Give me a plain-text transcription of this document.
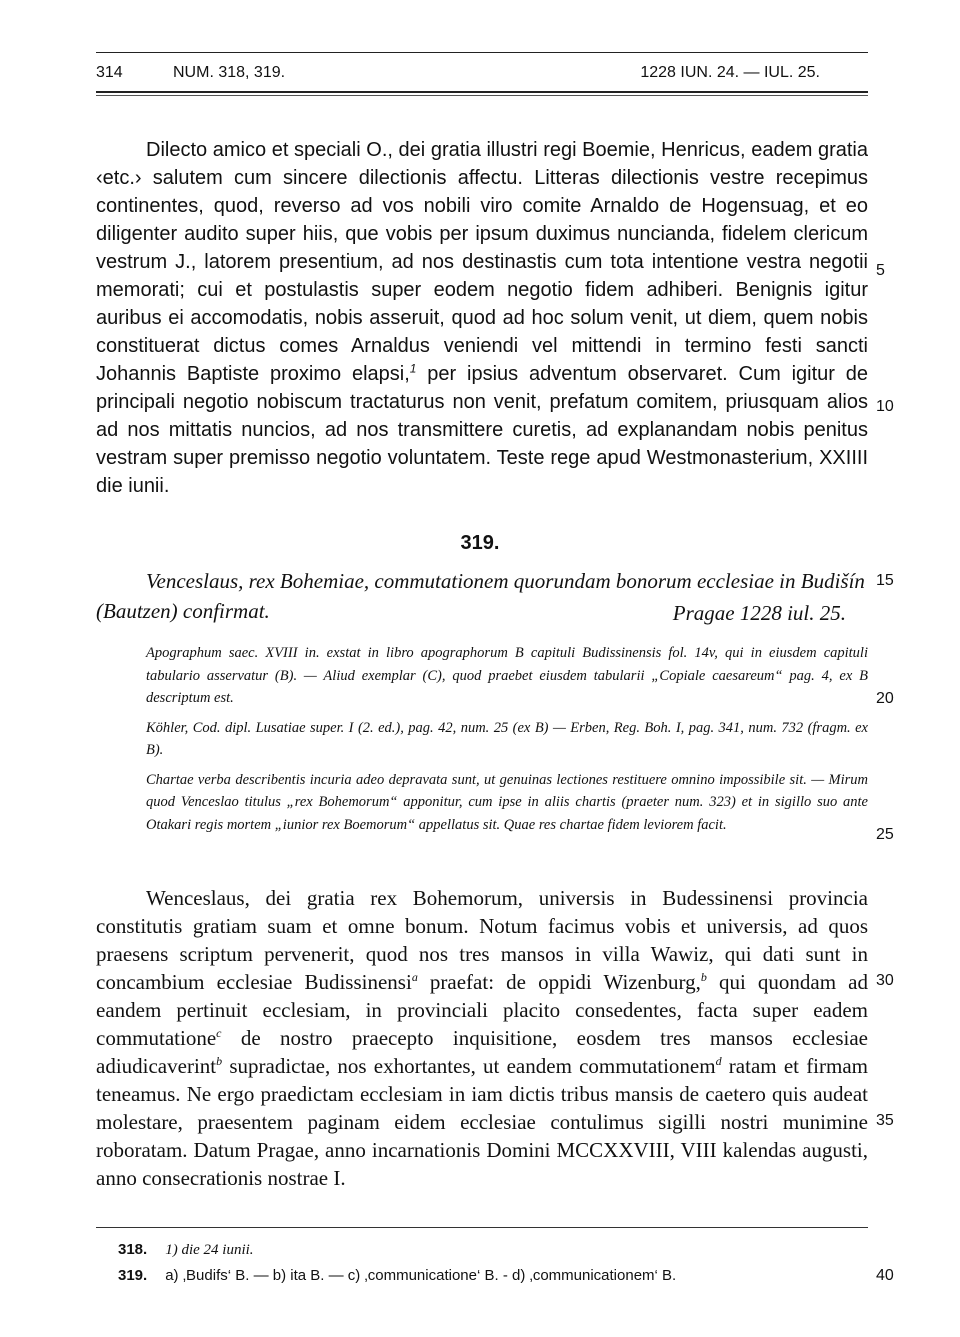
314	NUM. 318, 319.	1228 IUN. 24. — IUL. 25.

Dilecto amico et speciali O., dei gratia illustri regi Boemie, Henricus, eadem gratia ‹etc.› salutem cum sincere dilectionis affectu. Litteras dilectionis vestre recepimus continentes, quod, reverso ad vos nobili viro comite Arnaldo de Hogensuag, et eo diligenter audito super hiis, que vobis per ipsum duximus nuncianda, fidelem clericum vestrum J., latorem presentium, ad nos destinastis cum tota intentione vestra negotii memorati; cui et postulastis super eodem negotio fidem adhiberi. Benignis igitur auribus ei accomodatis, nobis asseruit, quod ad hoc solum venit, ut diem, quem nobis constituerat dictus comes Arnaldus veniendi vel mittendi in termino festi sancti Johannis Baptiste proximo elapsi,$^1$ per ipsius adventum observaret. Cum igitur de principali negotio nobiscum tractaturus non venit, prefatum comitem, priusquam alios ad nos mittatis nuncios, ad nos transmittere curetis, ad explanandam nobis penitus vestram super premisso negotio voluntatem. Teste rege apud Westmonasterium, XXIIII die iunii.

319.

Venceslaus, rex Bohemiae, commutationem quorundam bonorum ecclesiae in Budišín (Bautzen) confirmat.	Pragae 1228 iul. 25.

Apographum saec. XVIII in. exstat in libro apographorum B capituli Budissinensis fol. 14v, qui in eiusdem capituli tabulario asservatur (B). — Aliud exemplar (C), quod praebet eiusdem tabularii „Copiale caesareum“ pag. 4, ex B descriptum est.

Köhler, Cod. dipl. Lusatiae super. I (2. ed.), pag. 42, num. 25 (ex B) — Erben, Reg. Boh. I, pag. 341, num. 732 (fragm. ex B).

Chartae verba describentis incuria adeo depravata sunt, ut genuinas lectiones restituere omnino impossibile sit. — Mirum quod Venceslao titulus „rex Bohemorum“ apponitur, cum ipse in aliis chartis (praeter num. 323) et in sigillo suo ante Otakari regis mortem „iunior rex Boemorum“ appellatus sit. Quae res chartae fidem leviorem facit.

Wenceslaus, dei gratia rex Bohemorum, universis in Budessinensi provincia constitutis gratiam suam et omne bonum. Notum facimus vobis et universis, ad quos praesens scriptum pervenerit, quod nos tres mansos in villa Wawiz, qui dati sunt in concambium ecclesiae Budissinensi$^a$ praefat: de oppidi Wizenburg,$^b$ qui quondam ad eandem pertinuit ecclesiam, in provinciali placito consedentes, facta super eadem commutatione$^c$ de nostro praecepto inquisitione, eosdem tres mansos ecclesiae adiudicaverint$^b$ supradictae, nos exhortantes, ut eandem commutationem$^d$ ratam et firmam teneamus. Ne ergo praedictam ecclesiam in iam dictis tribus mansis de caetero quis audeat molestare, praesentem paginam eidem ecclesiae contulimus sigilli nostri munimine roboratam. Datum Pragae, anno incarnationis Domini MCCXXVIII, VIII kalendas augusti, anno consecrationis nostrae I.

5
10
15
20
25
30
35
40
318. 1) die 24 iunii.
319. a) ‚Budifs‘ B. — b) ita B. — c) ‚communicatione‘ B. - d) ‚communicationem‘ B.
